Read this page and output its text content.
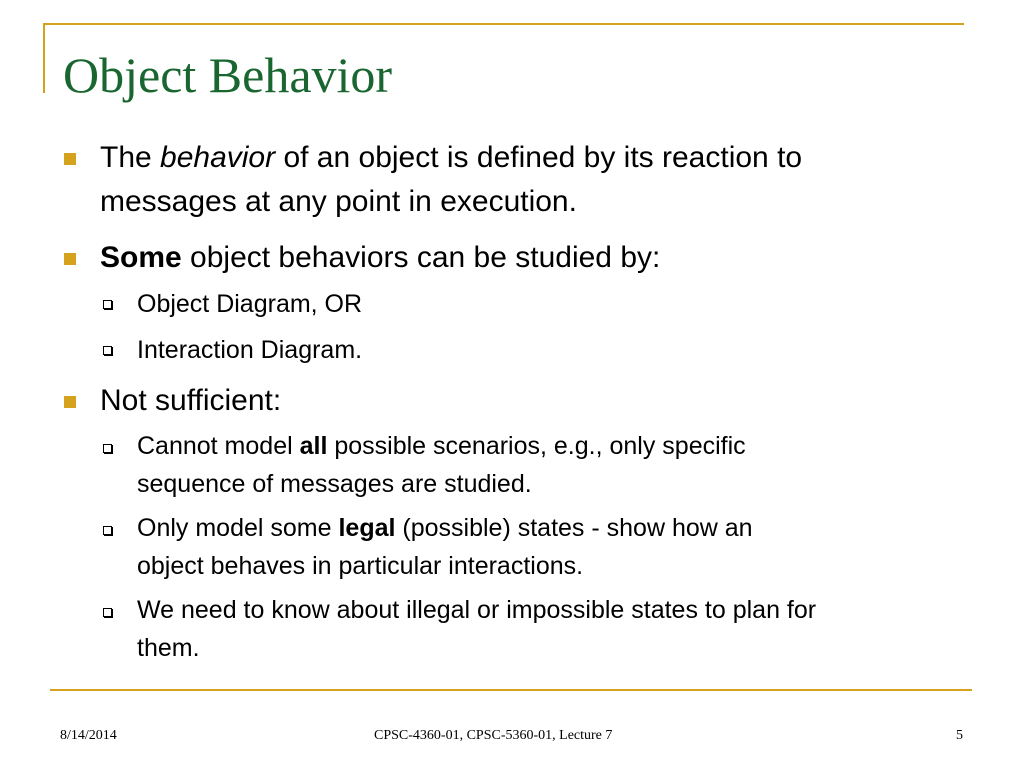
Object Behavior
The behavior of an object is defined by its reaction to
messages at any point in execution.
Some object behaviors can be studied by:
Object Diagram, OR
Interaction Diagram.
Not sufficient:
Cannot model all possible scenarios, e.g., only specific
sequence of messages are studied.
Only model some legal (possible) states - show how an
object behaves in particular interactions.
We need to know about illegal or impossible states to plan for
them.
8/14/2014	CPSC-4360-01, CPSC-5360-01, Lecture 7	5
